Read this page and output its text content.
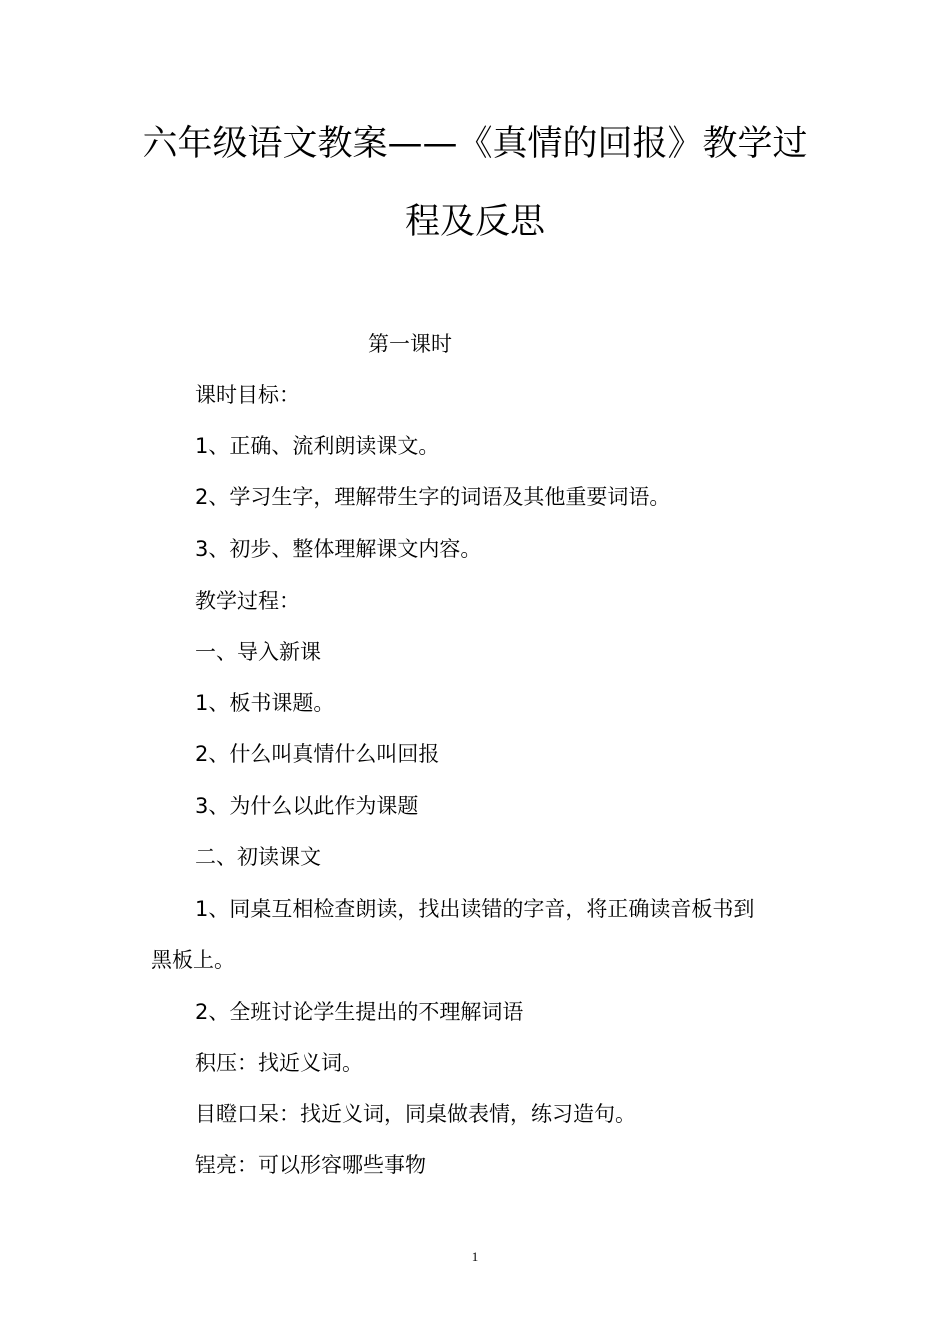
六年级语文教案——《真情的回报》教学过
程及反思
第一课时
课时目标：
1、正确、流利朗读课文。
2、学习生字，理解带生字的词语及其他重要词语。
3、初步、整体理解课文内容。
教学过程：
一、导入新课
1、板书课题。
2、什么叫真情什么叫回报
3、为什么以此作为课题
二、初读课文
1、同桌互相检查朗读，找出读错的字音，将正确读音板书到
黑板上。
2、全班讨论学生提出的不理解词语
积压：找近义词。
目瞪口呆：找近义词，同桌做表情，练习造句。
锃亮：可以形容哪些事物
1
